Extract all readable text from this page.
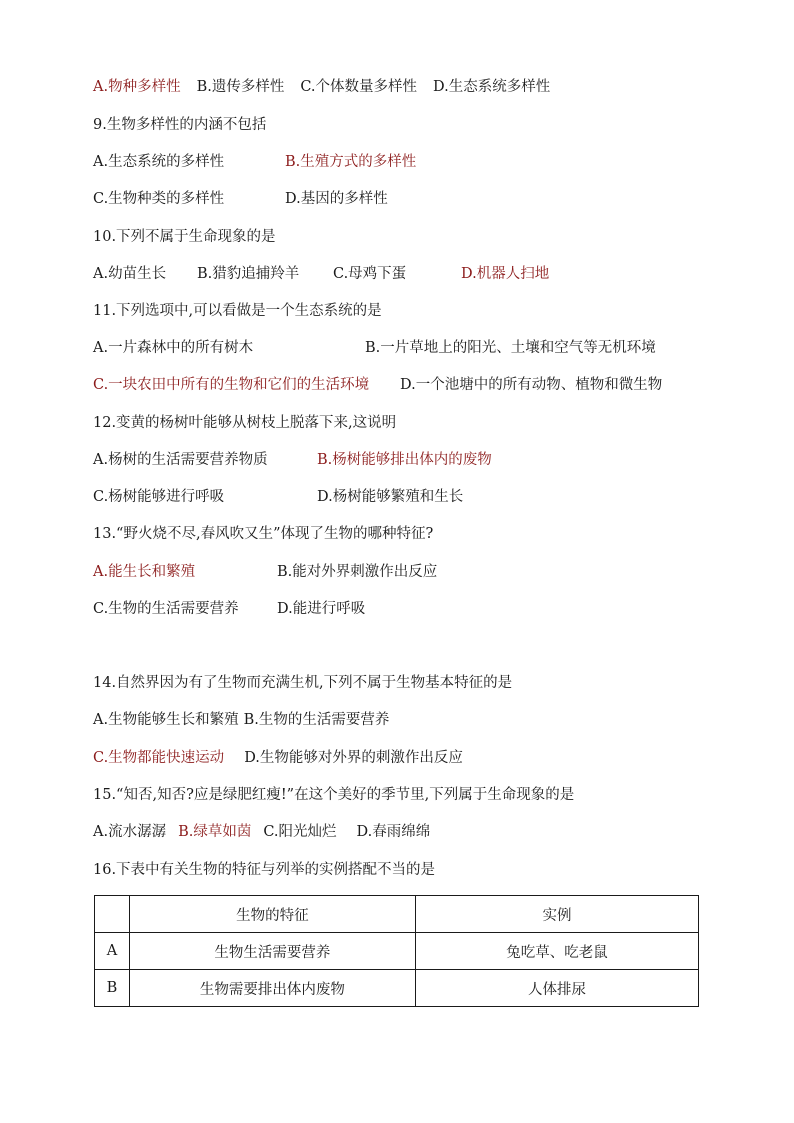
A.物种多样性 B.遗传多样性 C.个体数量多样性 D.生态系统多样性
9.生物多样性的内涵不包括
A.生态系统的多样性	B.生殖方式的多样性
C.生物种类的多样性	D.基因的多样性
10.下列不属于生命现象的是
A.幼苗生长 B.猎豹追捕羚羊 C.母鸡下蛋	D.机器人扫地
11.下列选项中,可以看做是一个生态系统的是
A.一片森林中的所有树木	B.一片草地上的阳光、土壤和空气等无机环境
C.一块农田中所有的生物和它们的生活环境 D.一个池塘中的所有动物、植物和微生物
12.变黄的杨树叶能够从树枝上脱落下来,这说明
A.杨树的生活需要营养物质	B.杨树能够排出体内的废物
C.杨树能够进行呼吸	D.杨树能够繁殖和生长
13.“野火烧不尽,春风吹又生”体现了生物的哪种特征?
A.能生长和繁殖	B.能对外界刺激作出反应
C.生物的生活需要营养	D.能进行呼吸
14.自然界因为有了生物而充满生机,下列不属于生物基本特征的是
A.生物能够生长和繁殖 B.生物的生活需要营养
C.生物都能快速运动 D.生物能够对外界的刺激作出反应
15.“知否,知否?应是绿肥红瘦!”在这个美好的季节里,下列属于生命现象的是
A.流水潺潺 B.绿草如茵 C.阳光灿烂 D.春雨绵绵
16.下表中有关生物的特征与列举的实例搭配不当的是
	生物的特征	实例
A	生物生活需要营养	兔吃草、吃老鼠
B	生物需要排出体内废物	人体排尿
